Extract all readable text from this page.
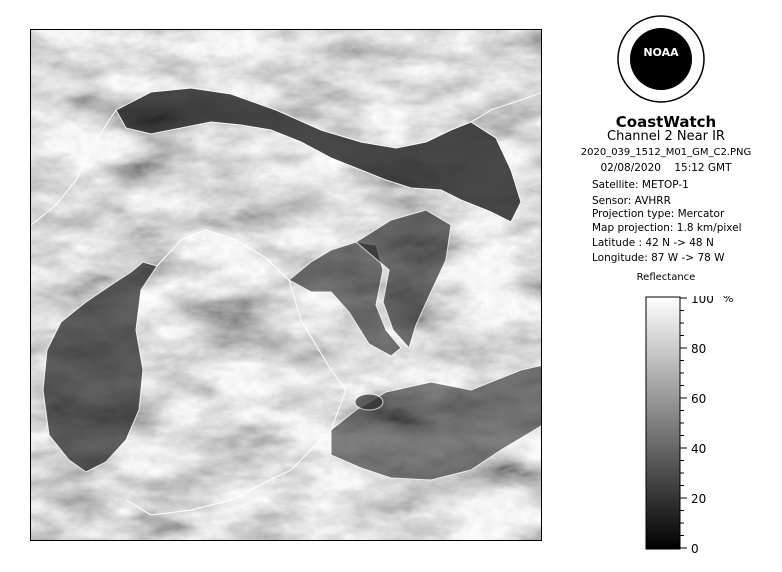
NOAA
CoastWatch
Channel 2 Near IR
2020_039_1512_M01_GM_C2.PNG
02/08/2020 15:12 GMT
Satellite: METOP-1
Sensor: AVHRR
Projection type: Mercator
Map projection: 1.8 km/pixel
Latitude : 42 N -> 48 N
Longitude: 87 W -> 78 W
Reflectance
100
80
60
40
20
0
%
